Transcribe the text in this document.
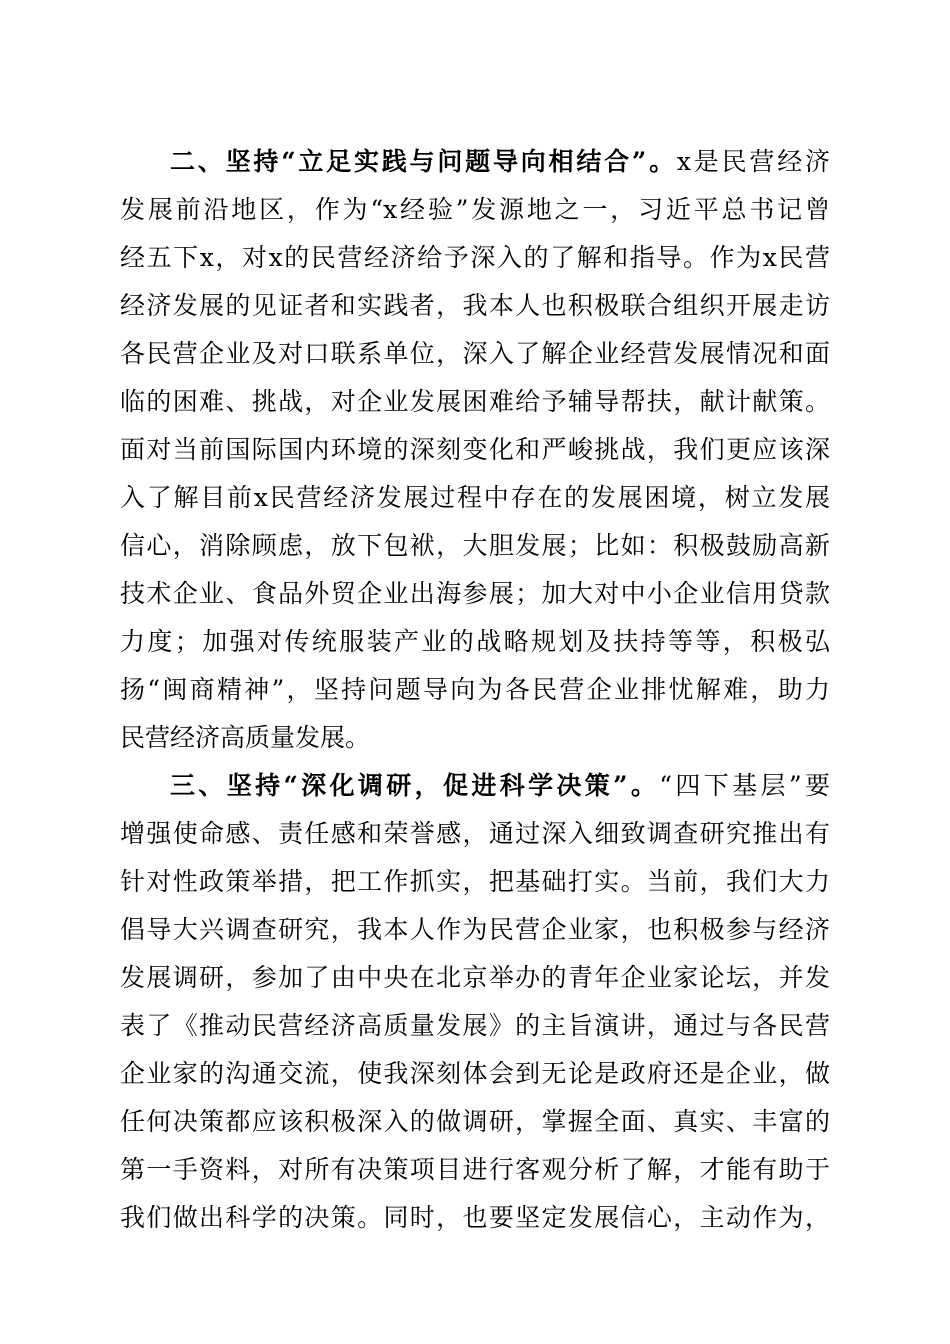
二、坚持“立足实践与问题导向相结合”。x是民营经济
发展前沿地区，作为“x经验”发源地之一，习近平总书记曾
经五下x，对x的民营经济给予深入的了解和指导。作为x民营
经济发展的见证者和实践者，我本人也积极联合组织开展走访
各民营企业及对口联系单位，深入了解企业经营发展情况和面
临的困难、挑战，对企业发展困难给予辅导帮扶，献计献策。
面对当前国际国内环境的深刻变化和严峻挑战，我们更应该深
入了解目前x民营经济发展过程中存在的发展困境，树立发展
信心，消除顾虑，放下包袱，大胆发展；比如：积极鼓励高新
技术企业、食品外贸企业出海参展；加大对中小企业信用贷款
力度；加强对传统服装产业的战略规划及扶持等等，积极弘
扬“闽商精神”，坚持问题导向为各民营企业排忧解难，助力
民营经济高质量发展。
三、坚持“深化调研，促进科学决策”。“四下基层”要
增强使命感、责任感和荣誉感，通过深入细致调查研究推出有
针对性政策举措，把工作抓实，把基础打实。当前，我们大力
倡导大兴调查研究，我本人作为民营企业家，也积极参与经济
发展调研，参加了由中央在北京举办的青年企业家论坛，并发
表了《推动民营经济高质量发展》的主旨演讲，通过与各民营
企业家的沟通交流，使我深刻体会到无论是政府还是企业，做
任何决策都应该积极深入的做调研，掌握全面、真实、丰富的
第一手资料，对所有决策项目进行客观分析了解，才能有助于
我们做出科学的决策。同时，也要坚定发展信心，主动作为，
